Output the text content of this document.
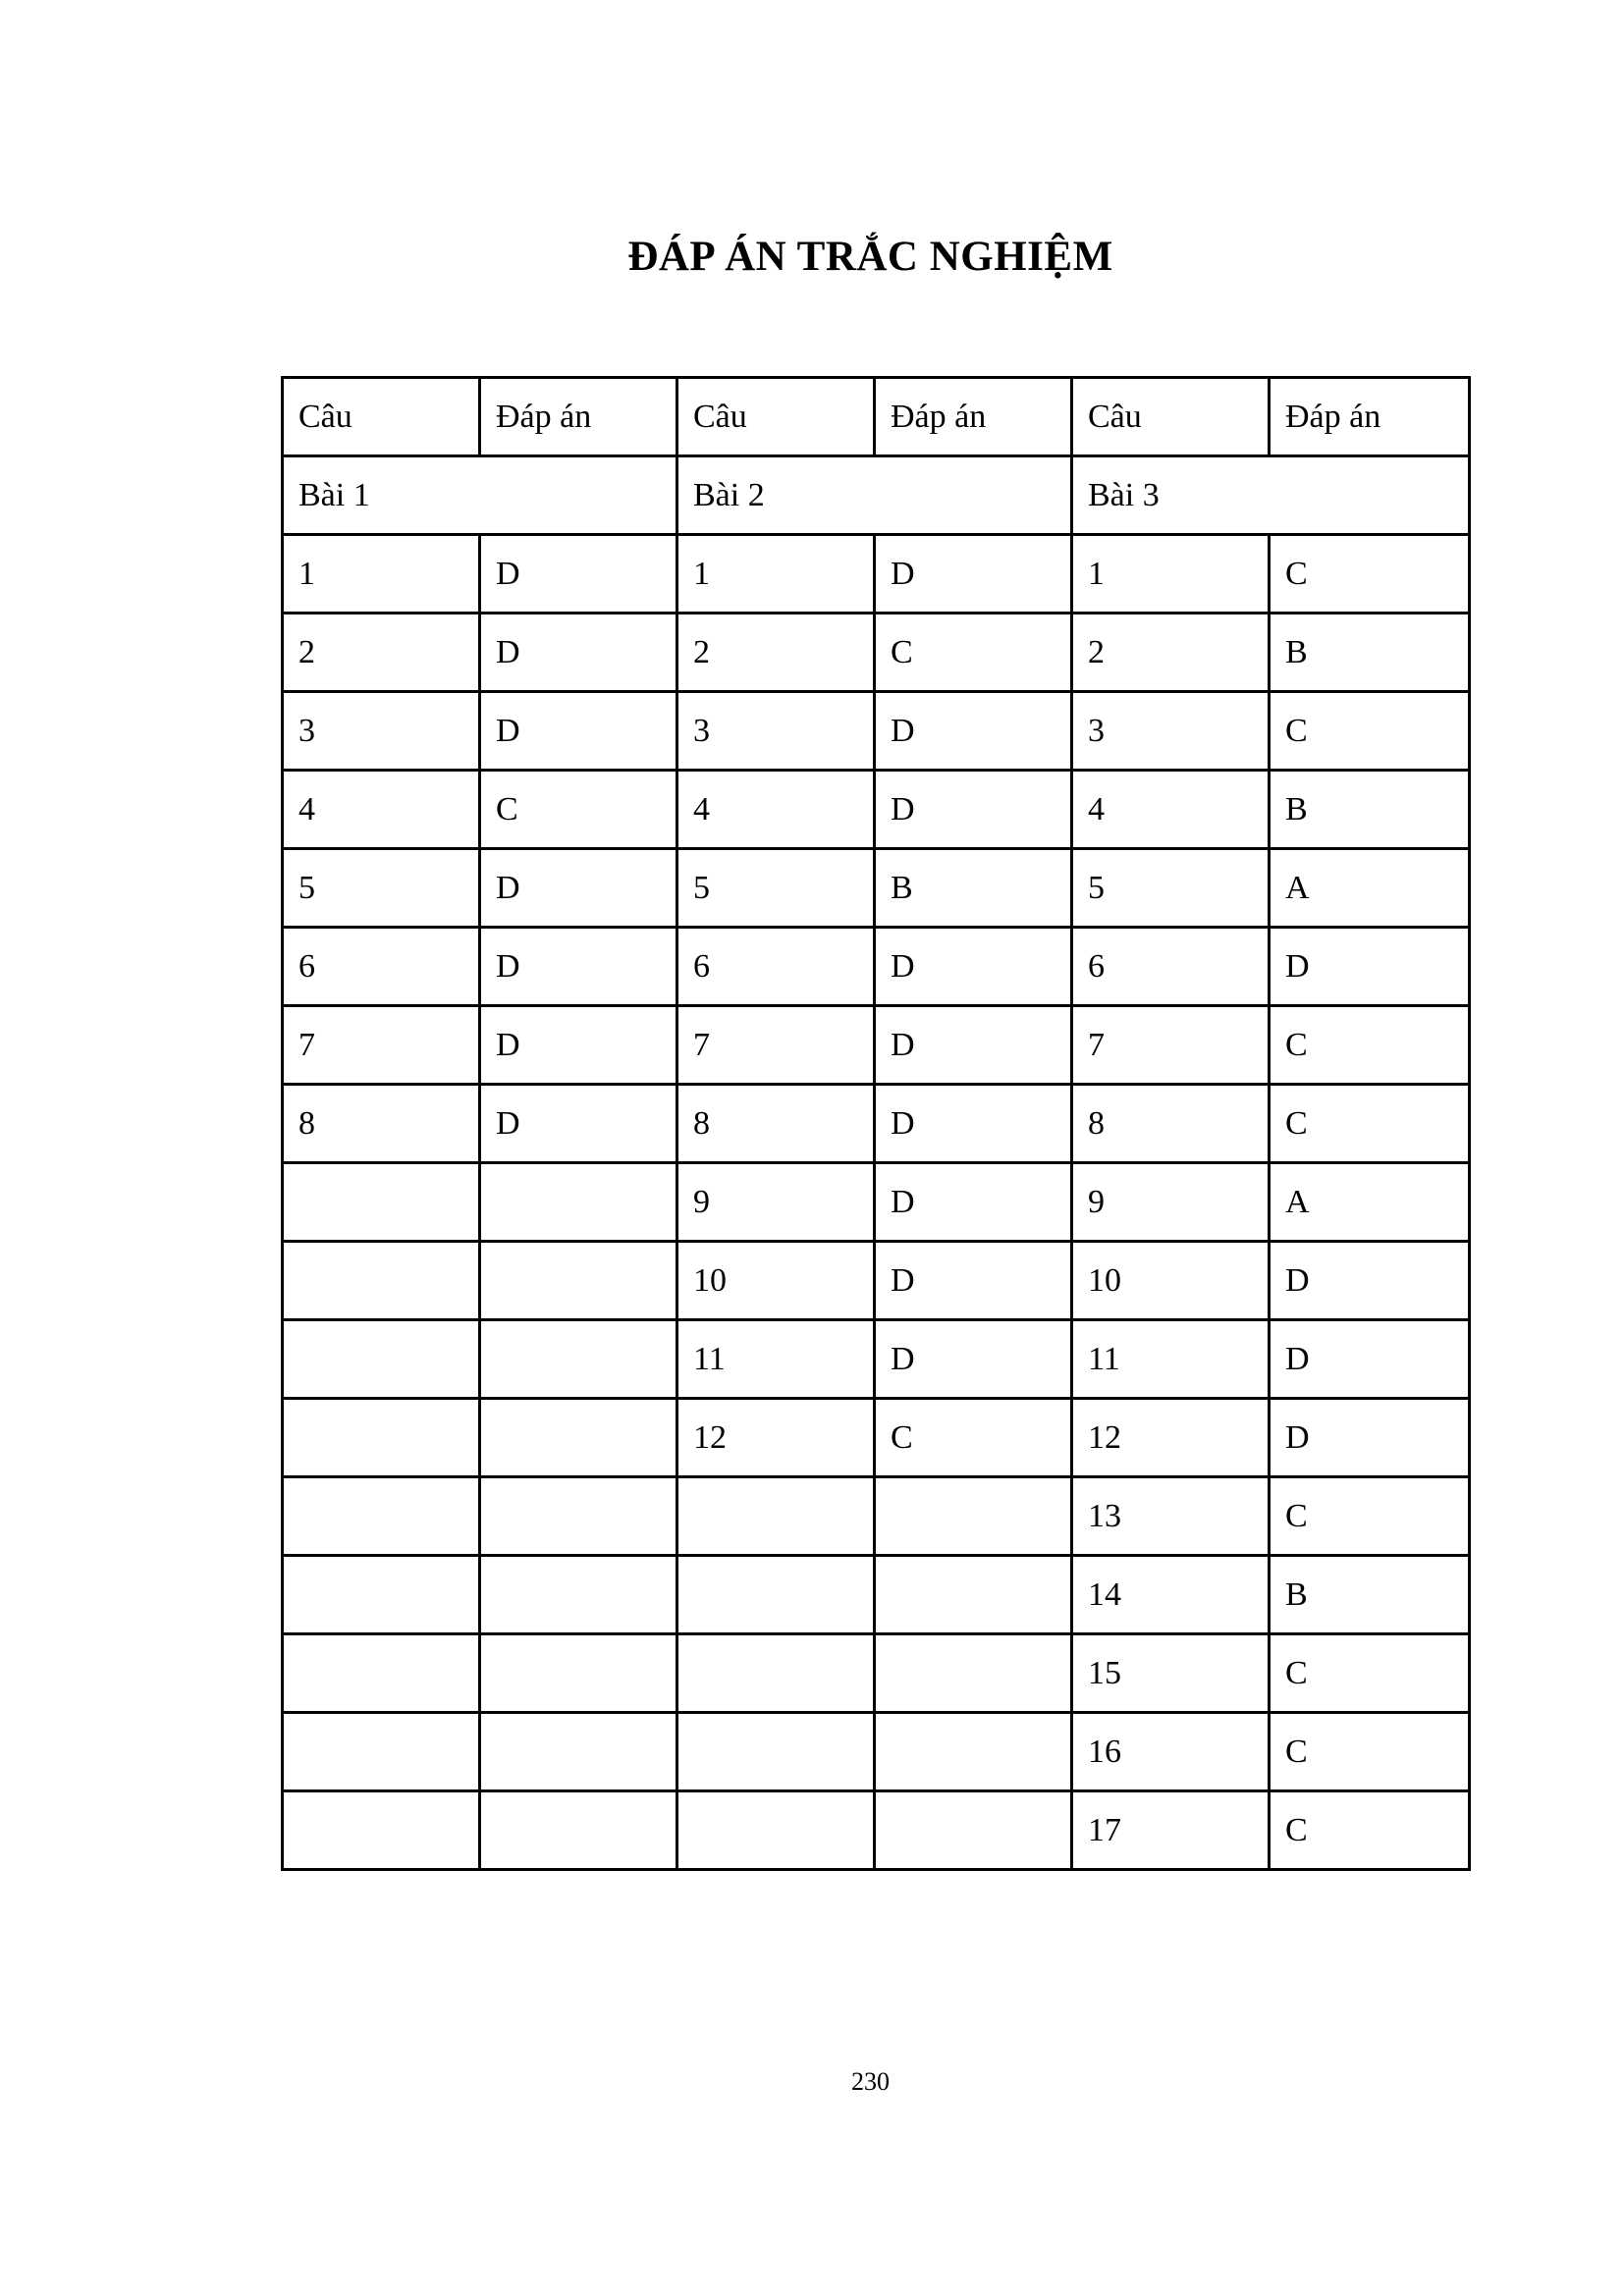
ĐÁP ÁN TRẮC NGHIỆM
Câu	Đáp án	Câu	Đáp án	Câu	Đáp án
Bài 1		Bài 2		Bài 3	
1	D	1	D	1	C
2	D	2	C	2	B
3	D	3	D	3	C
4	C	4	D	4	B
5	D	5	B	5	A
6	D	6	D	6	D
7	D	7	D	7	C
8	D	8	D	8	C
		9	D	9	A
		10	D	10	D
		11	D	11	D
		12	C	12	D
				13	C
				14	B
				15	C
				16	C
				17	C
230
